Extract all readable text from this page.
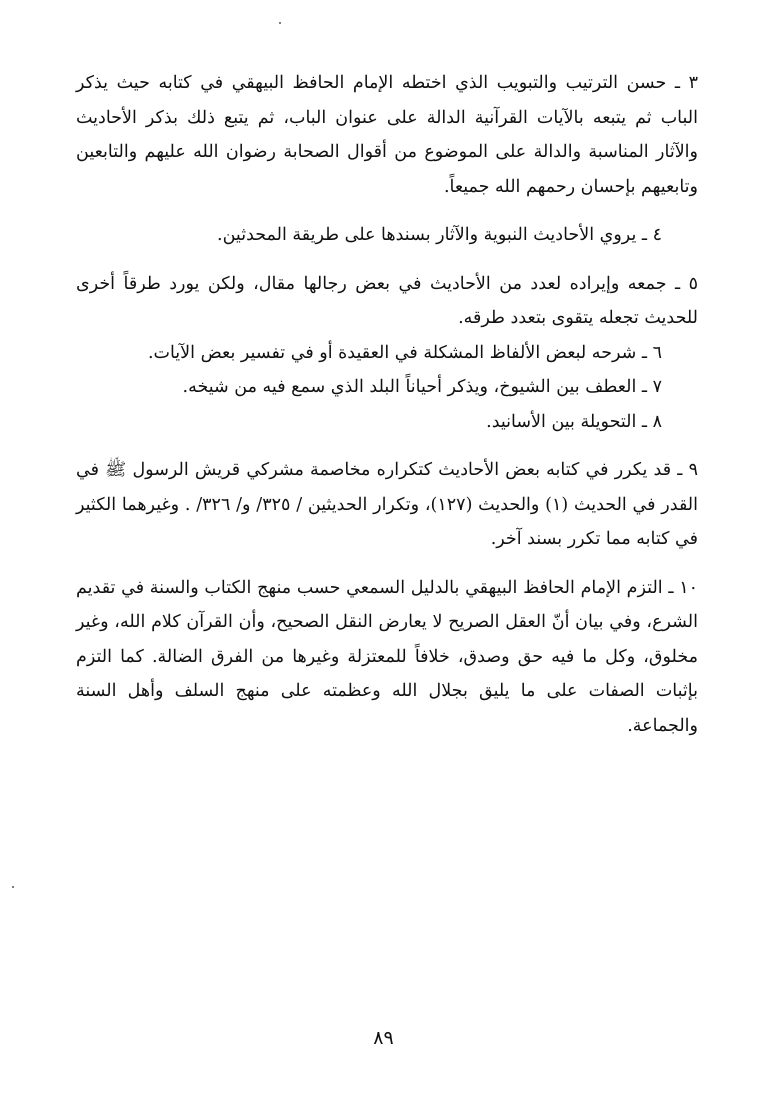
٣ ـ حسن الترتيب والتبويب الذي اختطه الإمام الحافظ البيهقي في كتابه حيث يذكر الباب ثم يتبعه بالآيات القرآنية الدالة على عنوان الباب، ثم يتبع ذلك بذكر الأحاديث والآثار المناسبة والدالة على الموضوع من أقوال الصحابة رضوان الله عليهم والتابعين وتابعيهم بإحسان رحمهم الله جميعاً.

٤ ـ يروي الأحاديث النبوية والآثار بسندها على طريقة المحدثين.

٥ ـ جمعه وإيراده لعدد من الأحاديث في بعض رجالها مقال، ولكن يورد طرقاً أخرى للحديث تجعله يتقوى بتعدد طرقه.

٦ ـ شرحه لبعض الألفاظ المشكلة في العقيدة أو في تفسير بعض الآيات.

٧ ـ العطف بين الشيوخ، ويذكر أحياناً البلد الذي سمع فيه من شيخه.

٨ ـ التحويلة بين الأسانيد.

٩ ـ قد يكرر في كتابه بعض الأحاديث كتكراره مخاصمة مشركي قريش الرسول ﷺ في القدر في الحديث (١) والحديث (١٢٧)، وتكرار الحديثين / ٣٢٥/ و/ ٣٢٦/ . وغيرهما الكثير في كتابه مما تكرر بسند آخر.

١٠ ـ التزم الإمام الحافظ البيهقي بالدليل السمعي حسب منهج الكتاب والسنة في تقديم الشرع، وفي بيان أنّ العقل الصريح لا يعارض النقل الصحيح، وأن القرآن كلام الله، وغير مخلوق، وكل ما فيه حق وصدق، خلافاً للمعتزلة وغيرها من الفرق الضالة. كما التزم بإثبات الصفات على ما يليق بجلال الله وعظمته على منهج السلف وأهل السنة والجماعة.

٨٩
